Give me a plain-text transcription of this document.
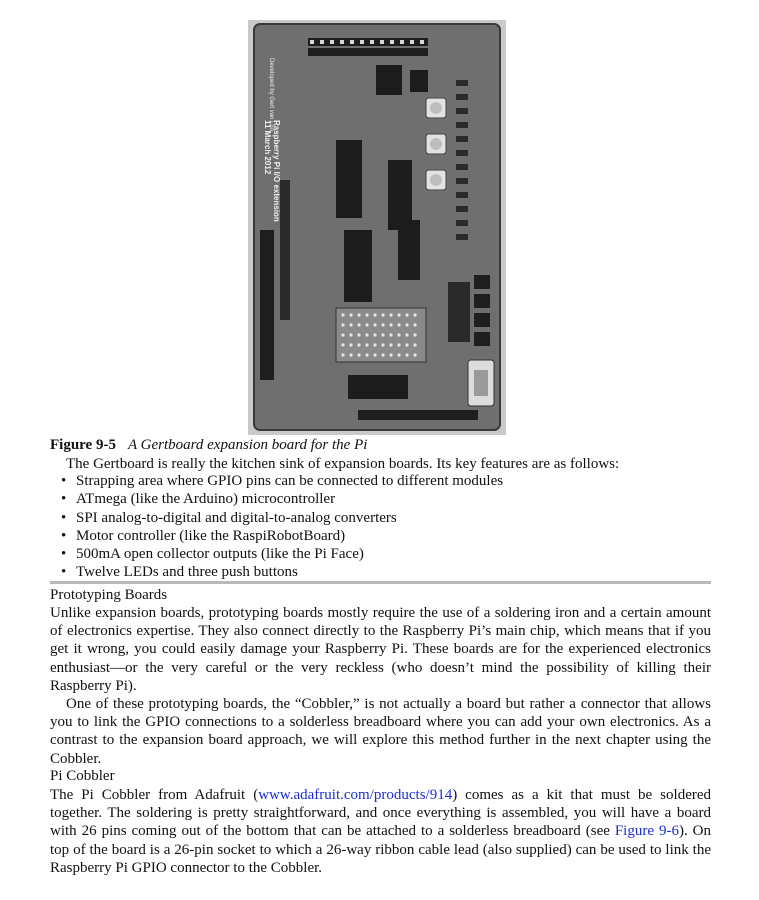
Raspberry Pi I/O extension
11 March 2012
Developed by Gert van Loo
Figure 9-5 A Gertboard expansion board for the Pi

The Gertboard is really the kitchen sink of expansion boards. Its key features are as follows:

• Strapping area where GPIO pins can be connected to different modules
• ATmega (like the Arduino) microcontroller
• SPI analog-to-digital and digital-to-analog converters
• Motor controller (like the RaspiRobotBoard)
• 500mA open collector outputs (like the Pi Face)
• Twelve LEDs and three push buttons
Prototyping Boards

Unlike expansion boards, prototyping boards mostly require the use of a soldering iron and a certain amount of electronics expertise. They also connect directly to the Raspberry Pi’s main chip, which means that if you get it wrong, you could easily damage your Raspberry Pi. These boards are for the experienced electronics enthusiast—or the very careful or the very reckless (who doesn’t mind the possibility of killing their Raspberry Pi).

One of these prototyping boards, the “Cobbler,” is not actually a board but rather a connector that allows you to link the GPIO connections to a solderless breadboard where you can add your own electronics. As a contrast to the expansion board approach, we will explore this method further in the next chapter using the Cobbler.

Pi Cobbler

The Pi Cobbler from Adafruit (www.adafruit.com/products/914) comes as a kit that must be soldered together. The soldering is pretty straightforward, and once everything is assembled, you will have a board with 26 pins coming out of the bottom that can be attached to a solderless breadboard (see Figure 9-6). On top of the board is a 26-pin socket to which a 26-way ribbon cable lead (also supplied) can be used to link the Raspberry Pi GPIO connector to the Cobbler.
